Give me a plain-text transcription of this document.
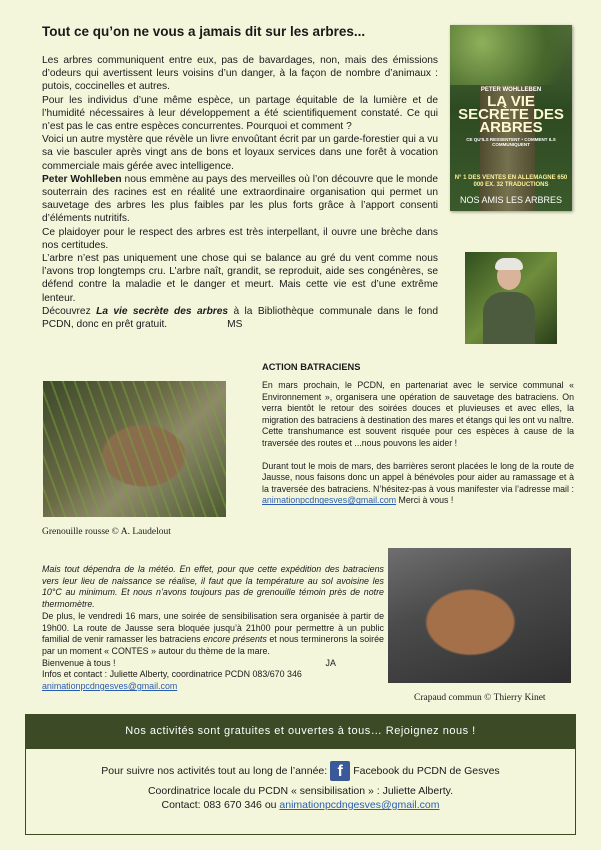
Tout ce qu’on ne vous a jamais dit sur les arbres...

Les arbres communiquent entre eux, pas de bavardages, non, mais des émissions d’odeurs qui avertissent leurs voisins d’un danger, à la façon de nombre d’animaux : putois, coccinelles et autres.

Pour les individus d’une même espèce, un partage équitable de la lumière et de l’humidité nécessaires à leur développement a été scientifiquement constaté. Ce qui n’est pas le cas entre espèces concurrentes. Pourquoi et comment ?

Voici un autre mystère que révèle un livre envoûtant écrit par un garde-forestier qui a vu sa vie basculer après vingt ans de bons et loyaux services dans une forêt à vocation commerciale mais gérée avec intelligence.

Peter Wohlleben nous emmène au pays des merveilles où l’on découvre que le monde souterrain des racines est en réalité une extraordinaire organisation qui permet un sauvetage des arbres les plus faibles par les plus forts grâce à l’apport consenti d’éléments nutritifs.

Ce plaidoyer pour le respect des arbres est très interpellant, il ouvre une brèche dans nos certitudes.

L’arbre n’est pas uniquement une chose qui se balance au gré du vent comme nous l’avons trop longtemps cru. L’arbre naît, grandit, se reproduit, aide ses congénères, se défend contre la maladie et le danger et meurt. Mais cette vie est d’une extrême lenteur.

Découvrez La vie secrète des arbres à la Bibliothèque communale dans le fond PCDN, donc en prêt gratuit.	MS

PETER WOHLLEBEN
LA VIE SECRÈTE DES ARBRES
CE QU'ILS RESSENTENT • COMMENT ILS COMMUNIQUENT
N° 1 DES VENTES EN ALLEMAGNE 650 000 EX. 32 TRADUCTIONS
NOS AMIS LES ARBRES
ACTION BATRACIENS

En mars prochain, le PCDN, en partenariat avec le service communal « Environnement », organisera une opération de sauvetage des batraciens. On verra bientôt le retour des soirées douces et pluvieuses et avec elles, la migration des batraciens à destination des mares et étangs qui les ont vu naître. Cette transhumance est souvent risquée pour ces espèces à cause de la traversée des routes et ...nous pouvons les aider !

Durant tout le mois de mars, des barrières seront placées le long de la route de Jausse, nous faisons donc un appel à bénévoles pour aider au ramassage et à la traversée des batraciens. N’hésitez-pas à vous manifester via l’adresse mail : animationpcdngesves@gmail.com Merci à vous !

Grenouille rousse © A. Laudelout

Mais tout dépendra de la météo. En effet, pour que cette expédition des batraciens vers leur lieu de naissance se réalise, il faut que la température au sol avoisine les 10°C au minimum. Et nous n’avons toujours pas de grenouille témoin près de notre thermomètre.

De plus, le vendredi 16 mars, une soirée de sensibilisation sera organisée à partir de 19h00. La route de Jausse sera bloquée jusqu’à 21h00 pour permettre à un public familial de venir ramasser les batraciens encore présents et nous terminerons la soirée par un moment « CONTES » autour du thème de la mare.

Bienvenue à tous !	JA

Infos et contact : Juliette Alberty, coordinatrice PCDN 083/670 346

animationpcdngesves@gmail.com

Crapaud commun © Thierry Kinet
Nos activités sont gratuites et ouvertes à tous… Rejoignez nous !
Pour suivre nos activités tout au long de l’année: f Facebook du PCDN de Gesves
Coordinatrice locale du PCDN « sensibilisation » : Juliette Alberty.
Contact: 083 670 346 ou animationpcdngesves@gmail.com
